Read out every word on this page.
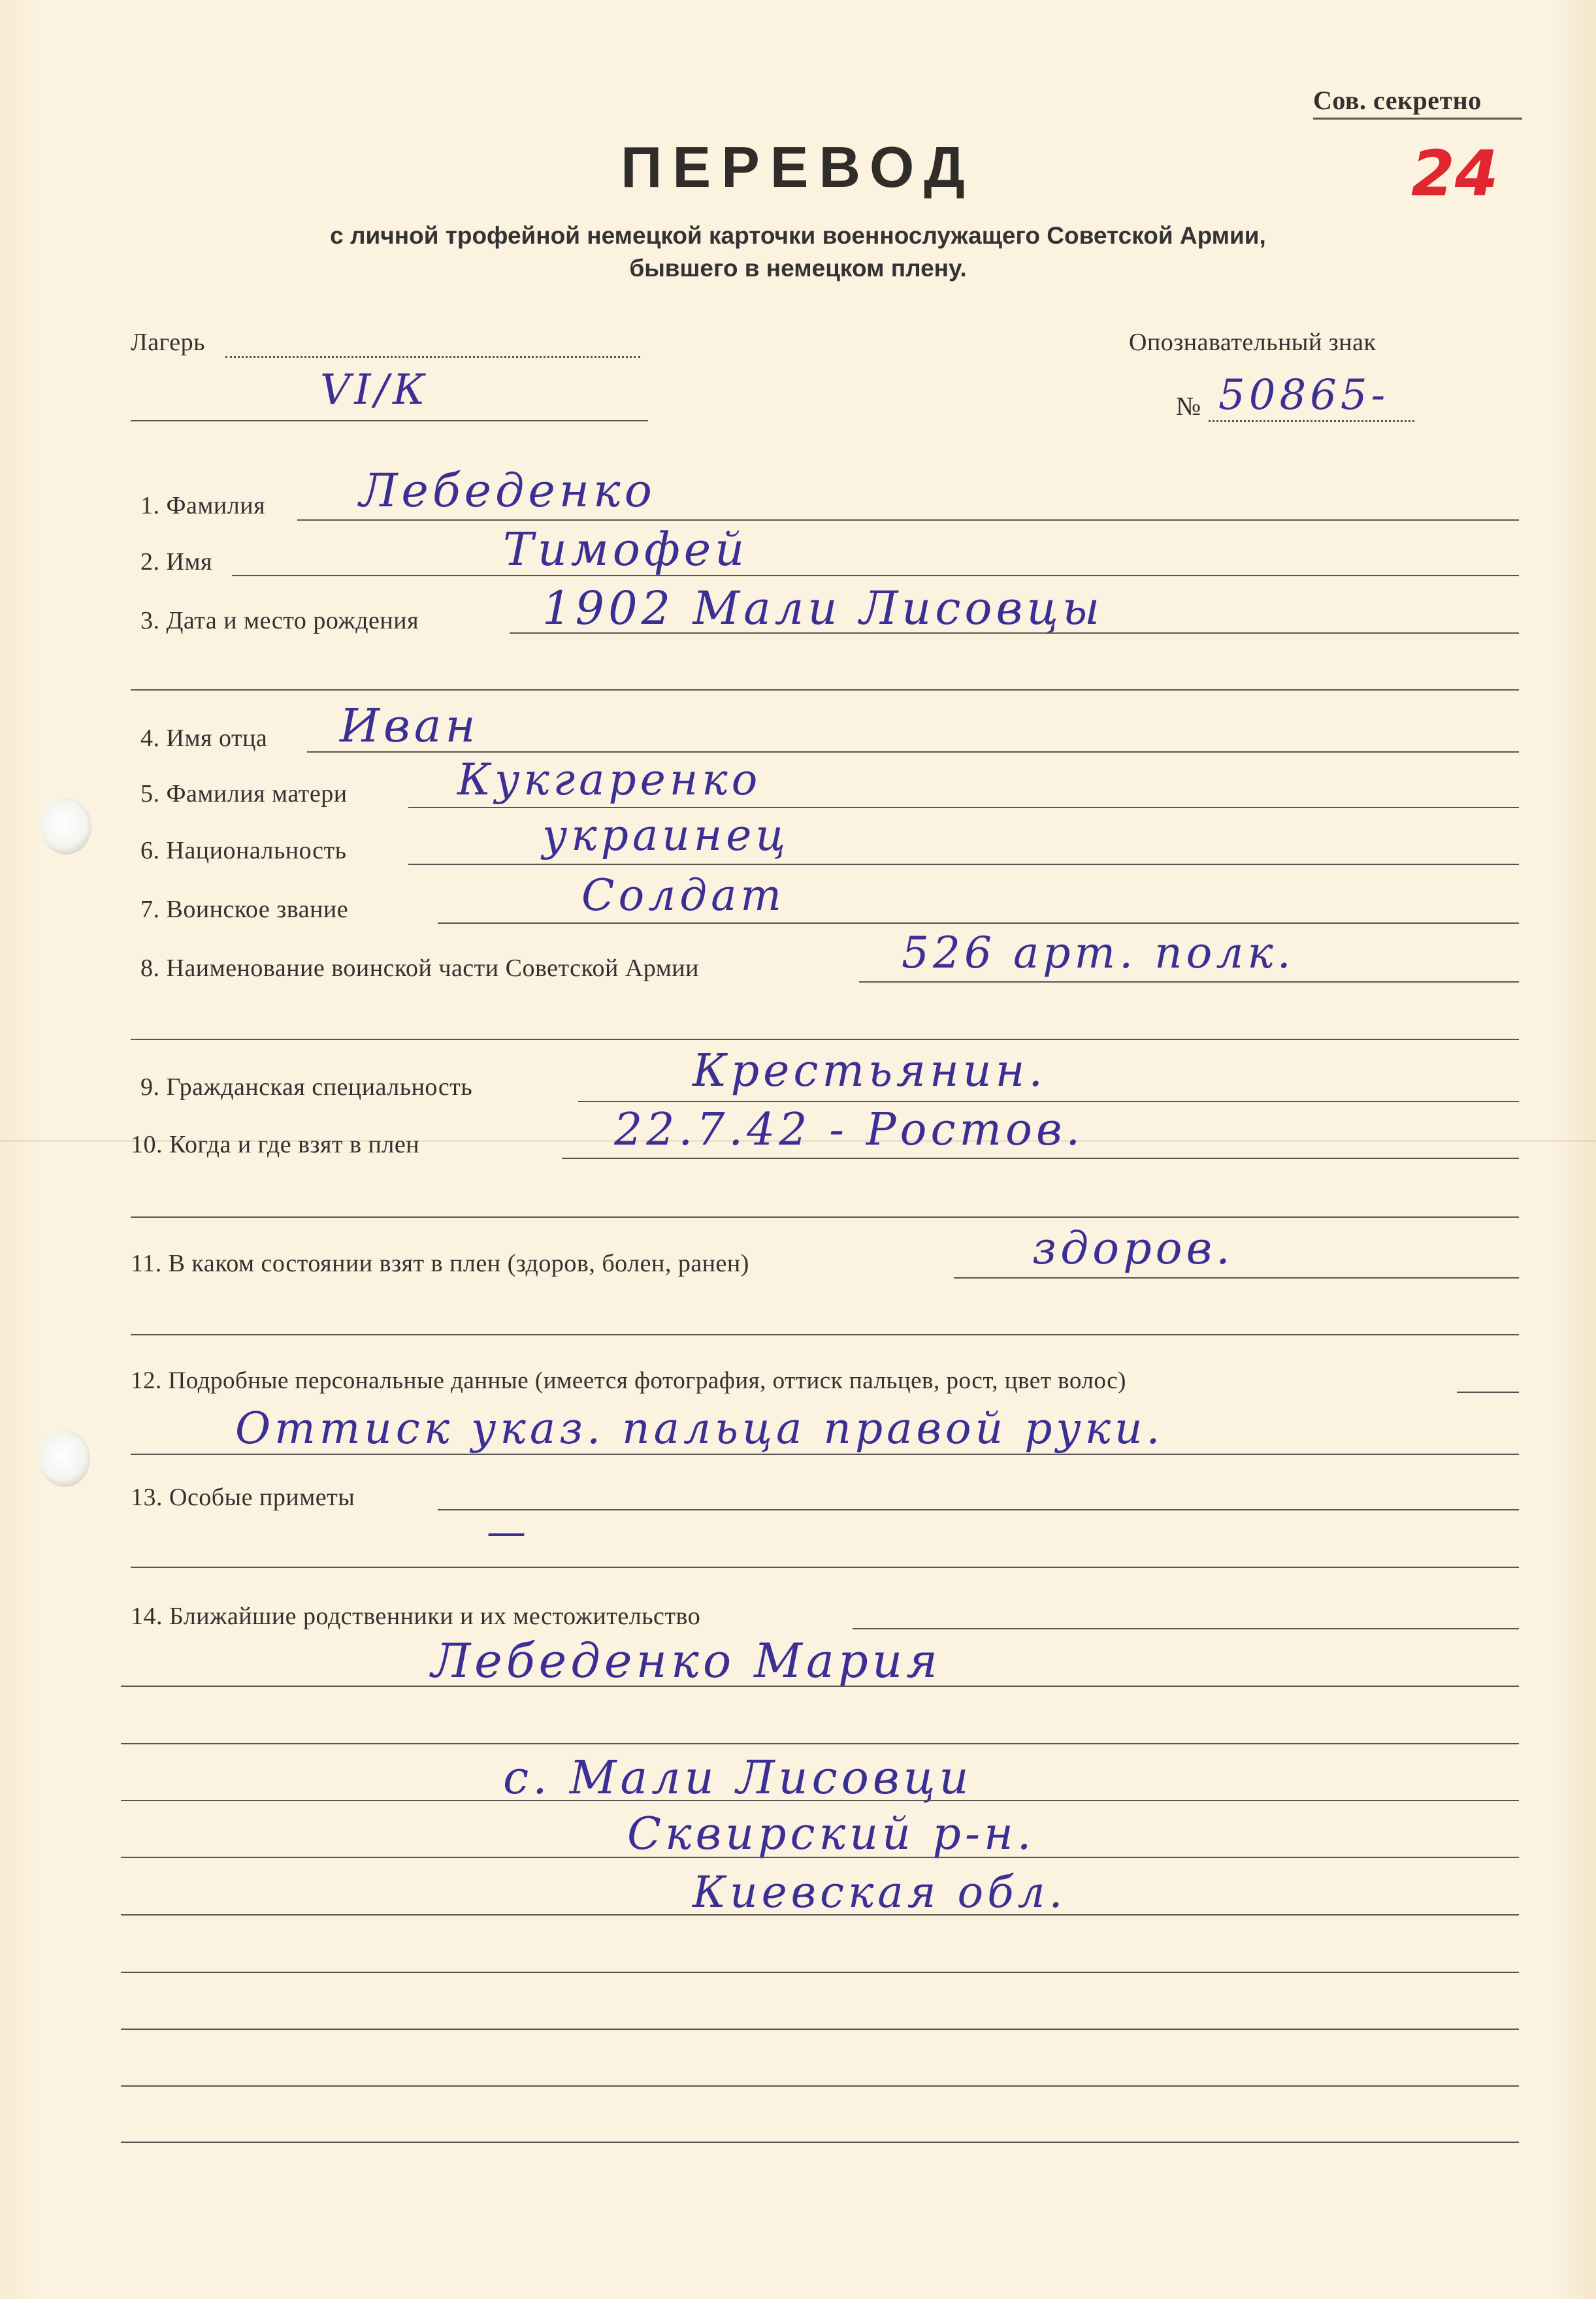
Сов. секретно
24
ПЕРЕВОД
с личной трофейной немецкой карточки военнослужащего Советской Армии,
бывшего в немецком плену.
Лагерь
VI/К
Опознавательный знак
№ 50865-
1. Фамилия Лебеденко
2. Имя	Тимофей
3. Дата и место рождения	1902 Мали Лисовцы
4. Имя отца Иван
5. Фамилия матери	Кукгаренко
6. Национальность	украинец
7. Воинское звание	Солдат
8. Наименование воинской части Советской Армии	526 арт. полк.
9. Гражданская специальность	Крестьянин.
10. Когда и где взят в плен	22.7.42 - Ростов.
11. В каком состоянии взят в плен (здоров, болен, ранен)	здоров.
12. Подробные персональные данные (имеется фотография, оттиск пальцев, рост, цвет волос)
Оттиск указ. пальца правой руки.
13. Особые приметы
—
14. Ближайшие родственники и их местожительство
Лебеденко Мария
с. Мали Лисовци
Сквирский р-н.
Киевская обл.
